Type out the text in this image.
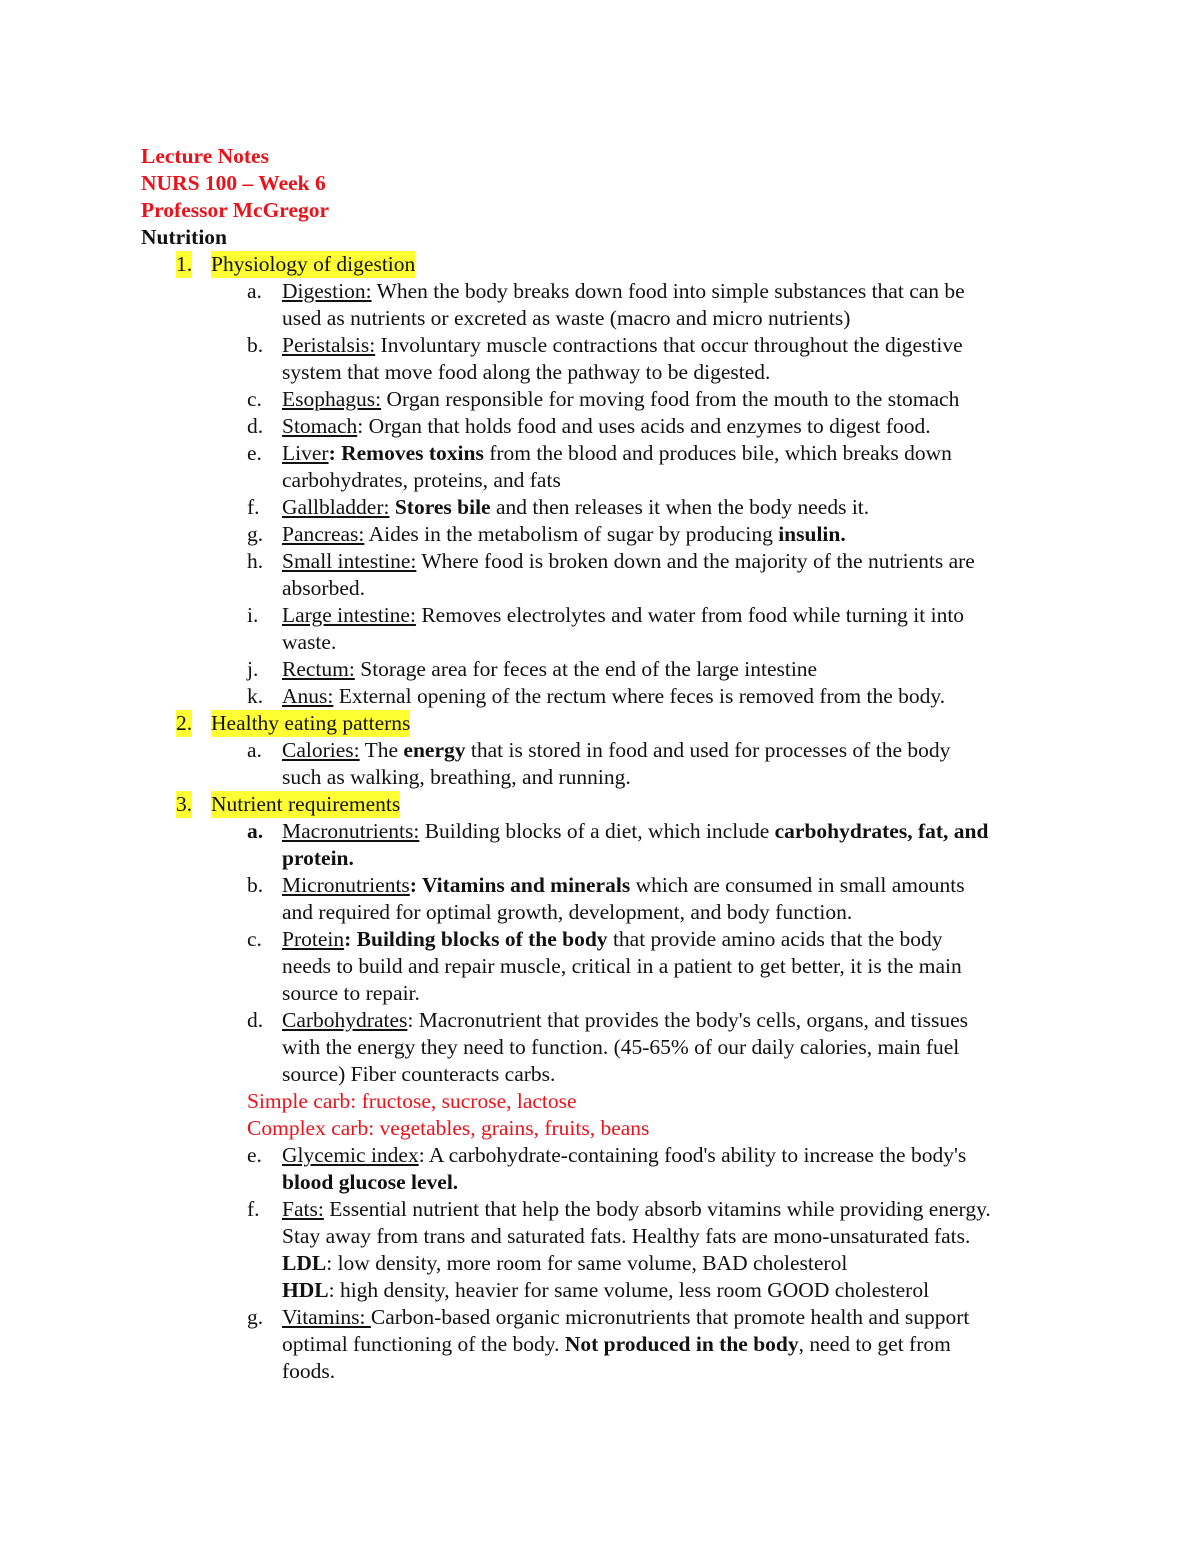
Lecture Notes
NURS 100 – Week 6
Professor McGregor
Nutrition
1. Physiology of digestion
a. Digestion: When the body breaks down food into simple substances that can be
used as nutrients or excreted as waste (macro and micro nutrients)
b. Peristalsis: Involuntary muscle contractions that occur throughout the digestive
system that move food along the pathway to be digested.
c. Esophagus: Organ responsible for moving food from the mouth to the stomach
d. Stomach: Organ that holds food and uses acids and enzymes to digest food.
e. Liver: Removes toxins from the blood and produces bile, which breaks down
carbohydrates, proteins, and fats
f. Gallbladder: Stores bile and then releases it when the body needs it.
g. Pancreas: Aides in the metabolism of sugar by producing insulin.
h. Small intestine: Where food is broken down and the majority of the nutrients are
absorbed.
i. Large intestine: Removes electrolytes and water from food while turning it into
waste.
j. Rectum: Storage area for feces at the end of the large intestine
k. Anus: External opening of the rectum where feces is removed from the body.
2. Healthy eating patterns
a. Calories: The energy that is stored in food and used for processes of the body
such as walking, breathing, and running.
3. Nutrient requirements
a. Macronutrients: Building blocks of a diet, which include carbohydrates, fat, and
protein.
b. Micronutrients: Vitamins and minerals which are consumed in small amounts
and required for optimal growth, development, and body function.
c. Protein: Building blocks of the body that provide amino acids that the body
needs to build and repair muscle, critical in a patient to get better, it is the main
source to repair.
d. Carbohydrates: Macronutrient that provides the body's cells, organs, and tissues
with the energy they need to function. (45-65% of our daily calories, main fuel
source) Fiber counteracts carbs.
Simple carb: fructose, sucrose, lactose
Complex carb: vegetables, grains, fruits, beans
e. Glycemic index: A carbohydrate-containing food's ability to increase the body's
blood glucose level.
f. Fats: Essential nutrient that help the body absorb vitamins while providing energy.
Stay away from trans and saturated fats. Healthy fats are mono-unsaturated fats.
LDL: low density, more room for same volume, BAD cholesterol
HDL: high density, heavier for same volume, less room GOOD cholesterol
g. Vitamins: Carbon-based organic micronutrients that promote health and support
optimal functioning of the body. Not produced in the body, need to get from
foods.
